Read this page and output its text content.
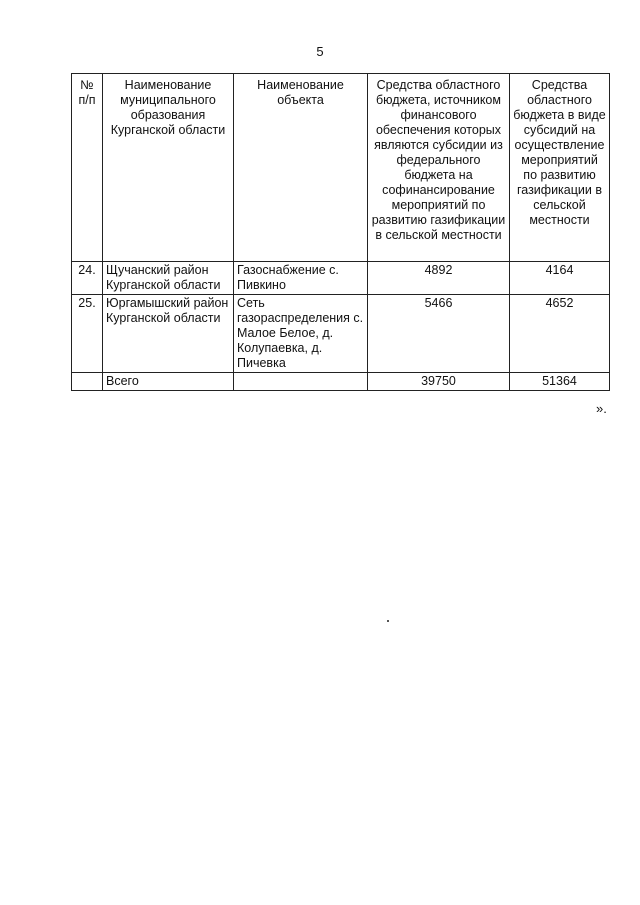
5
№ п/п	Наименование муниципального образования Курганской области	Наименование объекта	Средства областного бюджета, источником финансового обеспечения которых являются субсидии из федерального бюджета на софинансирование мероприятий по развитию газификации в сельской местности	Средства областного бюджета в виде субсидий на осуществление мероприятий по развитию газификации в сельской местности
24.	Щучанский район Курганской области	Газоснабжение с. Пивкино	4892	4164
25.	Юргамышский район Курганской области	Сеть газораспределения с. Малое Белое, д. Колупаевка, д. Пичевка	5466	4652
	Всего		39750	51364
».
